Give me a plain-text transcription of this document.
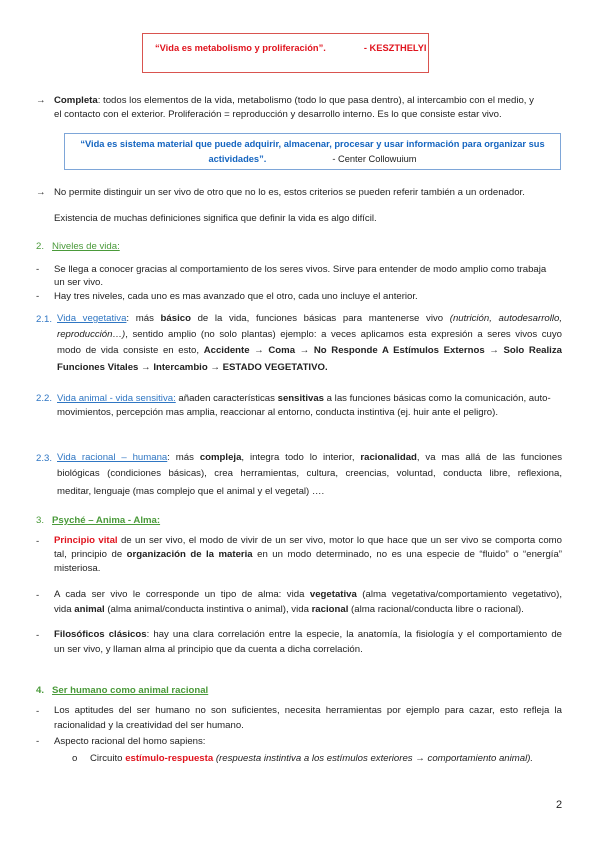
“Vida es metabolismo y proliferación”.	- KESZTHELYI
→ Completa: todos los elementos de la vida, metabolismo (todo lo que pasa dentro), al intercambio con el medio, y
el contacto con el exterior. Proliferación = reproducción y desarrollo interno. Es lo que consiste estar vivo.
“Vida es sistema material que puede adquirir, almacenar, procesar y usar información para organizar sus
actividades”.	- Center Collowuium
→ No permite distinguir un ser vivo de otro que no lo es, estos criterios se pueden referir también a un ordenador.
Existencia de muchas definiciones significa que definir la vida es algo difícil.
2. Niveles de vida:
- Se llega a conocer gracias al comportamiento de los seres vivos. Sirve para entender de modo amplio como trabaja
un ser vivo.
- Hay tres niveles, cada uno es mas avanzado que el otro, cada uno incluye el anterior.
2.1. Vida vegetativa: más básico de la vida, funciones básicas para mantenerse vivo (nutrición, autodesarrollo,
reproducción…), sentido amplio (no solo plantas) ejemplo: a veces aplicamos esta expresión a seres vivos cuyo
modo de vida consiste en esto, Accidente → Coma → No Responde A Estímulos Externos → Solo Realiza
Funciones Vitales → Intercambio → ESTADO VEGETATIVO.
2.2. Vida animal - vida sensitiva: añaden características sensitivas a las funciones básicas como la comunicación, auto-
movimientos, percepción mas amplia, reaccionar al entorno, conducta instintiva (ej. huir ante el peligro).
2.3. Vida racional – humana: más compleja, integra todo lo interior, racionalidad, va mas allá de las funciones
biológicas (condiciones básicas), crea herramientas, cultura, creencias, voluntad, conducta libre, reflexiona,
meditar, lenguaje (mas complejo que el animal y el vegetal) ….
3. Psyché – Anima - Alma:
- Principio vital de un ser vivo, el modo de vivir de un ser vivo, motor lo que hace que un ser vivo se comporta como
tal, principio de organización de la materia en un modo determinado, no es una especie de “fluido” o “energía”
misteriosa.
- A cada ser vivo le corresponde un tipo de alma: vida vegetativa (alma vegetativa/comportamiento vegetativo),
vida animal (alma animal/conducta instintiva o animal), vida racional (alma racional/conducta libre o racional).
- Filosóficos clásicos: hay una clara correlación entre la especie, la anatomía, la fisiología y el comportamiento de
un ser vivo, y llaman alma al principio que da cuenta a dicha correlación.
4. Ser humano como animal racional
- Los aptitudes del ser humano no son suficientes, necesita herramientas por ejemplo para cazar, esto refleja la
racionalidad y la creatividad del ser humano.
- Aspecto racional del homo sapiens:
o Circuito estímulo-respuesta (respuesta instintiva a los estímulos exteriores → comportamiento animal).
2
